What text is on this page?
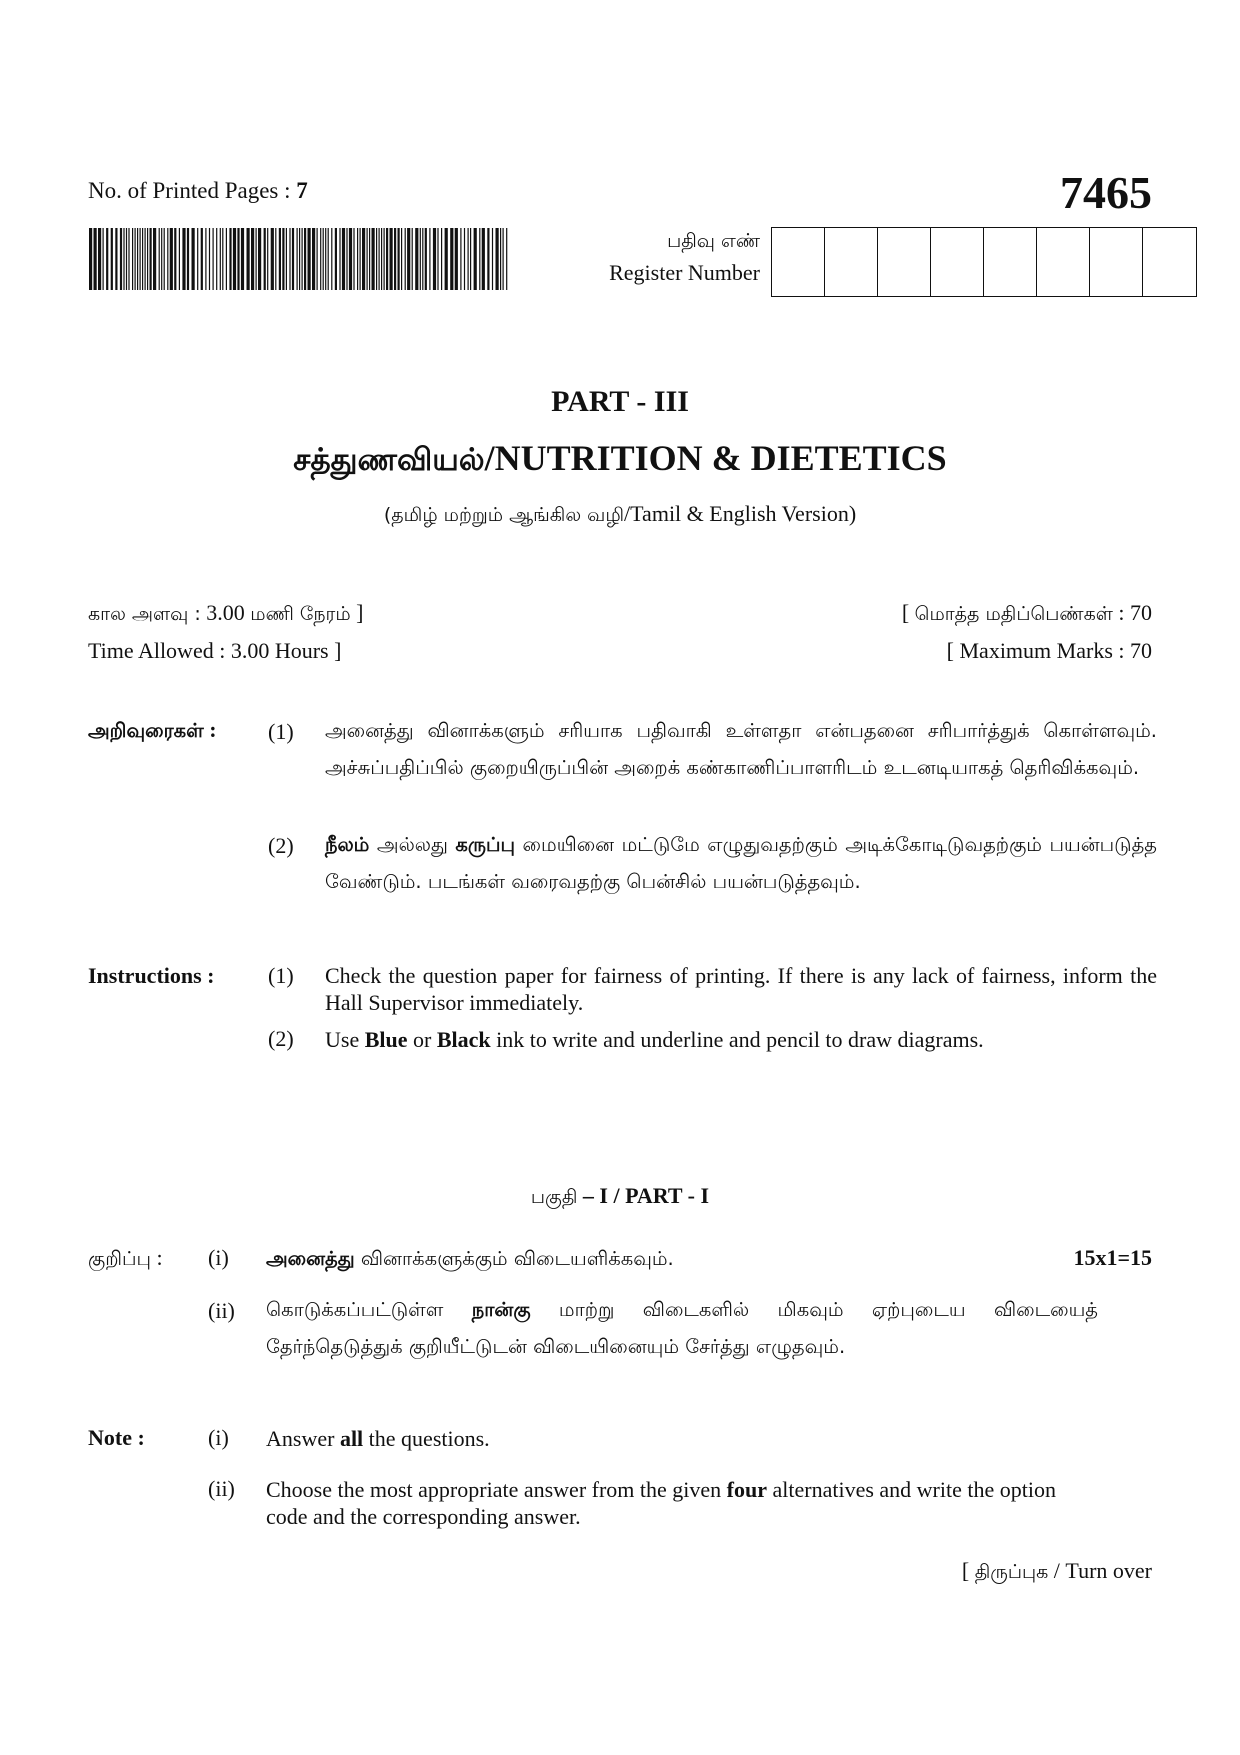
No. of Printed Pages : 7	7465
பதிவு எண்
Register Number
PART - III
சத்துணவியல்/NUTRITION & DIETETICS
(தமிழ் மற்றும் ஆங்கில வழி/Tamil & English Version)
கால அளவு : 3.00 மணி நேரம் ]
Time Allowed : 3.00 Hours ]
[ மொத்த மதிப்பெண்கள் : 70
[ Maximum Marks : 70
அறிவுரைகள் : (1) அனைத்து வினாக்களும் சரியாக பதிவாகி உள்ளதா என்பதனை சரிபார்த்துக் கொள்ளவும். அச்சுப்பதிப்பில் குறையிருப்பின் அறைக் கண்காணிப்பாளரிடம் உடனடியாகத் தெரிவிக்கவும்.
(2) நீலம் அல்லது கருப்பு மையினை மட்டுமே எழுதுவதற்கும் அடிக்கோடிடுவதற்கும் பயன்படுத்த வேண்டும். படங்கள் வரைவதற்கு பென்சில் பயன்படுத்தவும்.
Instructions : (1) Check the question paper for fairness of printing. If there is any lack of fairness, inform the Hall Supervisor immediately.
(2) Use Blue or Black ink to write and underline and pencil to draw diagrams.
பகுதி – I / PART - I
குறிப்பு : (i) அனைத்து வினாக்களுக்கும் விடையளிக்கவும்.	15x1=15
(ii) கொடுக்கப்பட்டுள்ள நான்கு மாற்று விடைகளில் மிகவும் ஏற்புடைய விடையைத் தேர்ந்தெடுத்துக் குறியீட்டுடன் விடையினையும் சேர்த்து எழுதவும்.
Note :	(i) Answer all the questions.
(ii) Choose the most appropriate answer from the given four alternatives and write the option code and the corresponding answer.
[ திருப்புக / Turn over
